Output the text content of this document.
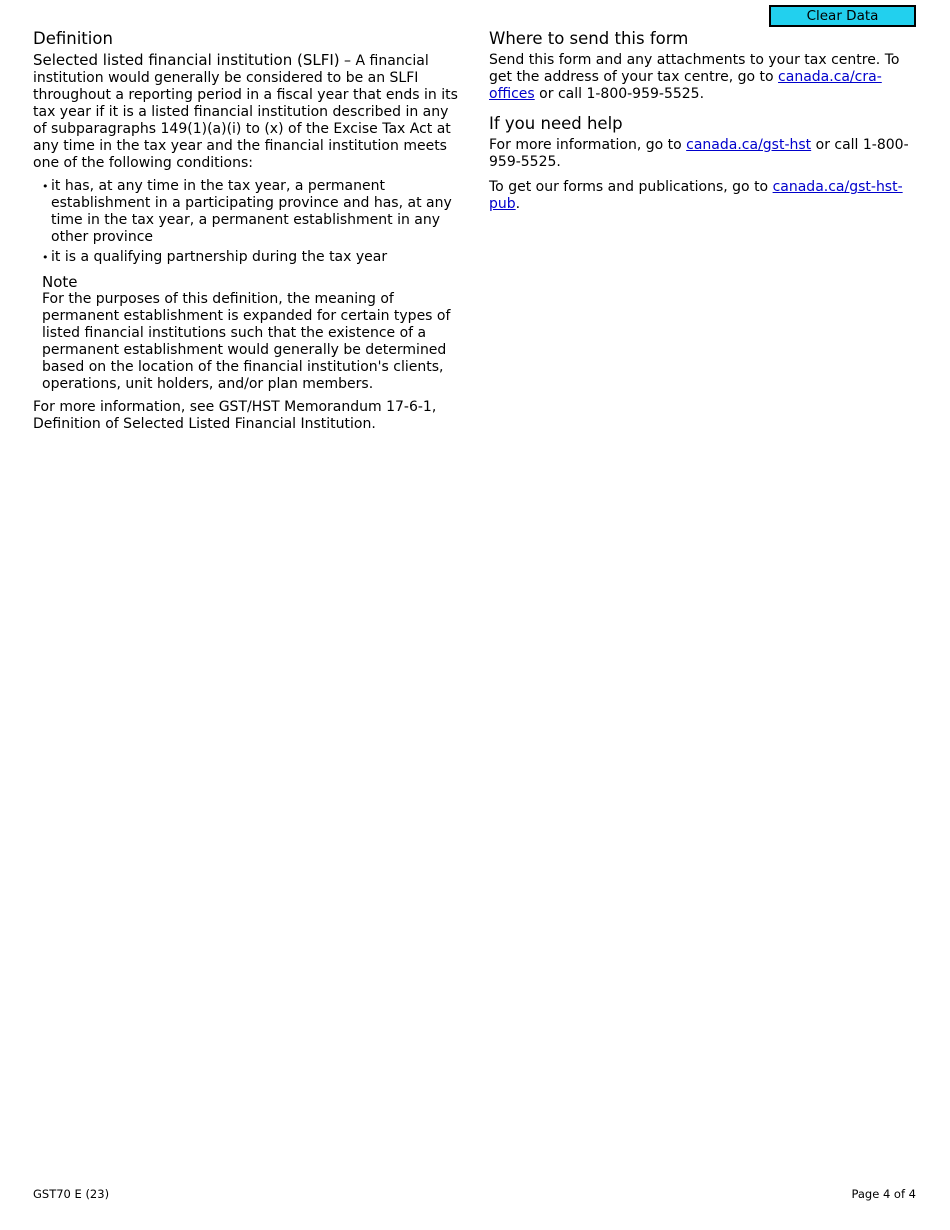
Clear Data
Definition

Selected listed financial institution (SLFI) – A financial institution would generally be considered to be an SLFI throughout a reporting period in a fiscal year that ends in its tax year if it is a listed financial institution described in any of subparagraphs 149(1)(a)(i) to (x) of the Excise Tax Act at any time in the tax year and the financial institution meets one of the following conditions:

• it has, at any time in the tax year, a permanent establishment in a participating province and has, at any time in the tax year, a permanent establishment in any other province
• it is a qualifying partnership during the tax year
Note

For the purposes of this definition, the meaning of permanent establishment is expanded for certain types of listed financial institutions such that the existence of a permanent establishment would generally be determined based on the location of the financial institution's clients, operations, unit holders, and/or plan members.

For more information, see GST/HST Memorandum 17-6-1, Definition of Selected Listed Financial Institution.

Where to send this form

Send this form and any attachments to your tax centre. To get the address of your tax centre, go to canada.ca/cra-offices or call 1-800-959-5525.

If you need help

For more information, go to canada.ca/gst-hst or call 1-800-959-5525.

To get our forms and publications, go to canada.ca/gst-hst-pub.

GST70 E (23)	Page 4 of 4
